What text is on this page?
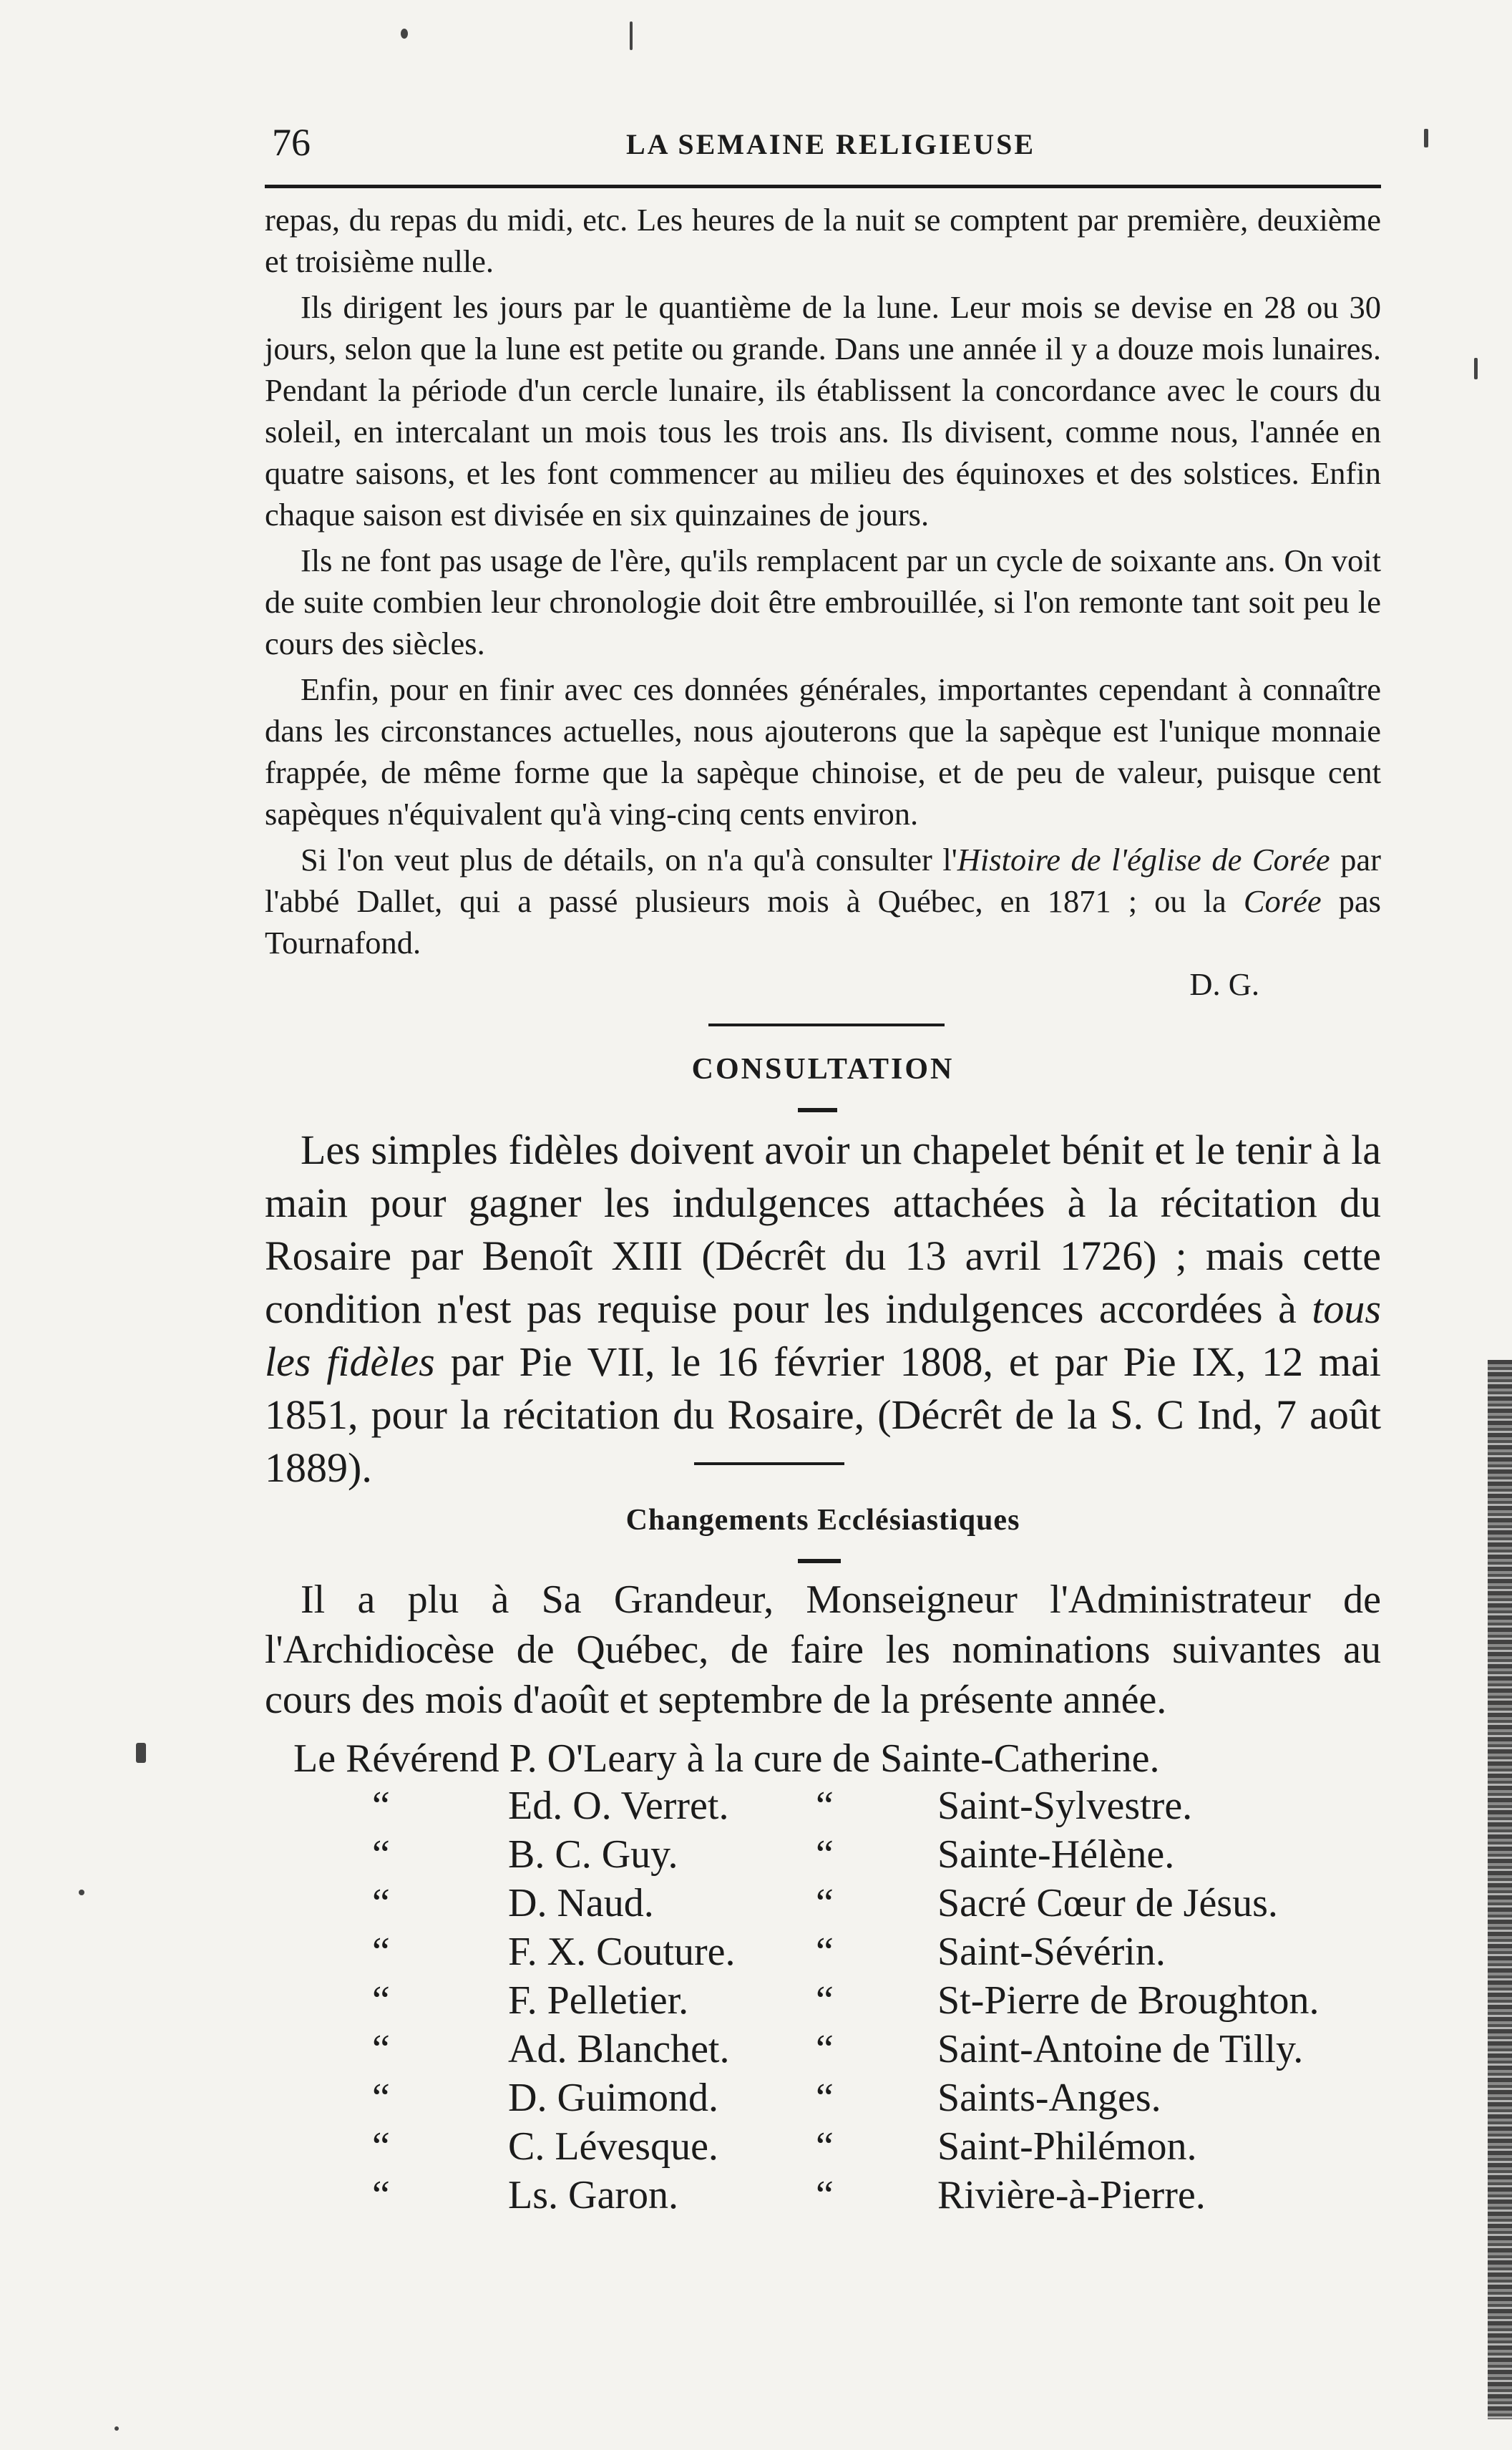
76	LA SEMAINE RELIGIEUSE

repas, du repas du midi, etc. Les heures de la nuit se comptent par première, deuxième et troisième nulle.

Ils dirigent les jours par le quantième de la lune. Leur mois se devise en 28 ou 30 jours, selon que la lune est petite ou grande. Dans une année il y a douze mois lunaires. Pendant la période d'un cercle lunaire, ils établissent la concordance avec le cours du soleil, en intercalant un mois tous les trois ans. Ils divisent, comme nous, l'année en quatre saisons, et les font commencer au milieu des équinoxes et des solstices. Enfin chaque saison est divisée en six quinzaines de jours.

Ils ne font pas usage de l'ère, qu'ils remplacent par un cycle de soixante ans. On voit de suite combien leur chronologie doit être embrouillée, si l'on remonte tant soit peu le cours des siècles.

Enfin, pour en finir avec ces données générales, importantes cependant à connaître dans les circonstances actuelles, nous ajouterons que la sapèque est l'unique monnaie frappée, de même forme que la sapèque chinoise, et de peu de valeur, puisque cent sapèques n'équivalent qu'à ving-cinq cents environ.

Si l'on veut plus de détails, on n'a qu'à consulter l'Histoire de l'église de Corée par l'abbé Dallet, qui a passé plusieurs mois à Québec, en 1871 ; ou la Corée pas Tournafond.

D. G.

CONSULTATION

Les simples fidèles doivent avoir un chapelet bénit et le tenir à la main pour gagner les indulgences attachées à la récitation du Rosaire par Benoît XIII (Décrêt du 13 avril 1726) ; mais cette condition n'est pas requise pour les indulgences accordées à tous les fidèles par Pie VII, le 16 février 1808, et par Pie IX, 12 mai 1851, pour la récitation du Rosaire, (Décrêt de la S. C Ind, 7 août 1889).

Changements Ecclésiastiques

Il a plu à Sa Grandeur, Monseigneur l'Administrateur de l'Archidiocèse de Québec, de faire les nominations suivantes au cours des mois d'août et septembre de la présente année.

Le Révérend P. O'Leary à la cure de Sainte-Catherine.
“	Ed. O. Verret. “	Saint-Sylvestre.
“	B. C. Guy.	“	Sainte-Hélène.
“	D. Naud.	“	Sacré Cœur de Jésus.
“	F. X. Couture. “	Saint-Sévérin.
“	F. Pelletier.	“	St-Pierre de Broughton.
“	Ad. Blanchet. “	Saint-Antoine de Tilly.
“	D. Guimond. “	Saints-Anges.
“	C. Lévesque. “	Saint-Philémon.
“	Ls. Garon.	“	Rivière-à-Pierre.
